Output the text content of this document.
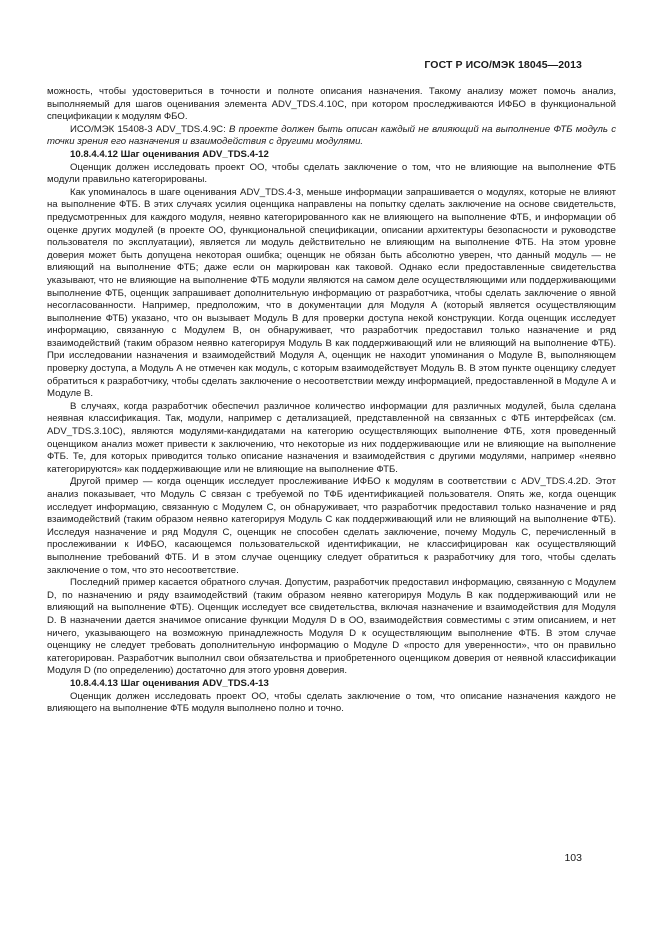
ГОСТ Р ИСО/МЭК 18045—2013

можность, чтобы удостовериться в точности и полноте описания назначения. Такому анализу может помочь анализ, выполняемый для шагов оценивания элемента ADV_TDS.4.10C, при котором проследживаются ИФБО в функциональной спецификации к модулям ФБО.

ИСО/МЭК 15408-3 ADV_TDS.4.9C: В проекте должен быть описан каждый не влияющий на выполнение ФТБ модуль с точки зрения его назначения и взаимодействия с другими модулями.

10.8.4.4.12 Шаг оценивания ADV_TDS.4-12

Оценщик должен исследовать проект ОО, чтобы сделать заключение о том, что не влияющие на выполнение ФТБ модули правильно категорированы.

Как упоминалось в шаге оценивания ADV_TDS.4-3, меньше информации запрашивается о модулях, которые не влияют на выполнение ФТБ. В этих случаях усилия оценщика направлены на попытку сделать заключение на основе свидетельств, предусмотренных для каждого модуля, неявно категорированного как не влияющего на выполнение ФТБ, и информации об оценке других модулей (в проекте ОО, функциональной спецификации, описании архитектуры безопасности и руководстве пользователя по эксплуатации), является ли модуль действительно не влияющим на выполнение ФТБ. На этом уровне доверия может быть допущена некоторая ошибка; оценщик не обязан быть абсолютно уверен, что данный модуль — не влияющий на выполнение ФТБ; даже если он маркирован как таковой. Однако если предоставленные свидетельства указывают, что не влияющие на выполнение ФТБ модули являются на самом деле осуществляющими или поддерживающими выполнение ФТБ, оценщик запрашивает дополнительную информацию от разработчика, чтобы сделать заключение о явной несогласованности. Например, предположим, что в документации для Модуля А (который является осуществляющим выполнение ФТБ) указано, что он вызывает Модуль В для проверки доступа некой конструкции. Когда оценщик исследует информацию, связанную с Модулем В, он обнаруживает, что разработчик предоставил только назначение и ряд взаимодействий (таким образом неявно категорируя Модуль В как поддерживающий или не влияющий на выполнение ФТБ). При исследовании назначения и взаимодействий Модуля А, оценщик не находит упоминания о Модуле В, выполняющем проверку доступа, а Модуль А не отмечен как модуль, с которым взаимодействует Модуль В. В этом пункте оценщику следует обратиться к разработчику, чтобы сделать заключение о несоответствии между информацией, предоставленной в Модуле А и Модуле В.

В случаях, когда разработчик обеспечил различное количество информации для различных модулей, была сделана неявная классификация. Так, модули, например с детализацией, представленной на связанных с ФТБ интерфейсах (см. ADV_TDS.3.10C), являются модулями-кандидатами на категорию осуществляющих выполнение ФТБ, хотя проведенный оценщиком анализ может привести к заключению, что некоторые из них поддерживающие или не влияющие на выполнение ФТБ. Те, для которых приводится только описание назначения и взаимодействия с другими модулями, например «неявно категорируются» как поддерживающие или не влияющие на выполнение ФТБ.

Другой пример — когда оценщик исследует прослеживание ИФБО к модулям в соответствии с ADV_TDS.4.2D. Этот анализ показывает, что Модуль С связан с требуемой по ТФБ идентификацией пользователя. Опять же, когда оценщик исследует информацию, связанную с Модулем С, он обнаруживает, что разработчик предоставил только назначение и ряд взаимодействий (таким образом неявно категорируя Модуль С как поддерживающий или не влияющий на выполнение ФТБ). Исследуя назначение и ряд Модуля С, оценщик не способен сделать заключение, почему Модуль С, перечисленный в прослеживании к ИФБО, касающемся пользовательской идентификации, не классифицирован как осуществляющий выполнение требований ФТБ. И в этом случае оценщику следует обратиться к разработчику для того, чтобы сделать заключение о том, что это несоответствие.

Последний пример касается обратного случая. Допустим, разработчик предоставил информацию, связанную с Модулем D, по назначению и ряду взаимодействий (таким образом неявно категорируя Модуль В как поддерживающий или не влияющий на выполнение ФТБ). Оценщик исследует все свидетельства, включая назначение и взаимодействия для Модуля D. В назначении дается значимое описание функции Модуля D в ОО, взаимодействия совместимы с этим описанием, и нет ничего, указывающего на возможную принадлежность Модуля D к осуществляющим выполнение ФТБ. В этом случае оценщику не следует требовать дополнительную информацию о Модуле D «просто для уверенности», что он правильно категорирован. Разработчик выполнил свои обязательства и приобретенного оценщиком доверия от неявной классификации Модуля D (по определению) достаточно для этого уровня доверия.

10.8.4.4.13 Шаг оценивания ADV_TDS.4-13

Оценщик должен исследовать проект ОО, чтобы сделать заключение о том, что описание назначения каждого не влияющего на выполнение ФТБ модуля выполнено полно и точно.

103
